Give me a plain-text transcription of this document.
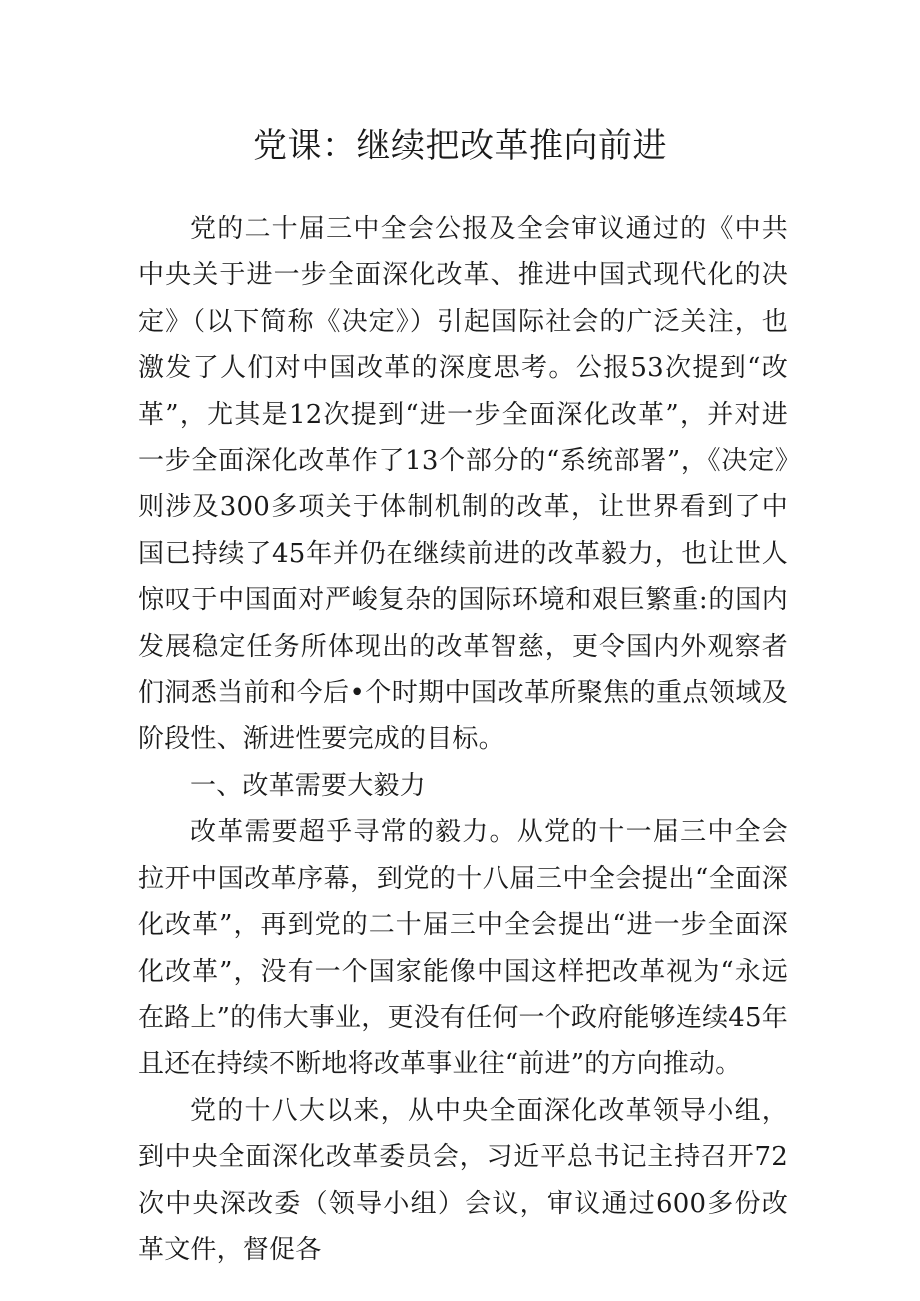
党课：继续把改革推向前进

党的二十届三中全会公报及全会审议通过的《中共中央关于进一步全面深化改革、推进中国式现代化的决定》（以下简称《决定》）引起国际社会的广泛关注，也激发了人们对中国改革的深度思考。公报53次提到“改革”，尤其是12次提到“进一步全面深化改革”，并对进一步全面深化改革作了13个部分的“系统部署”，《决定》则涉及300多项关于体制机制的改革，让世界看到了中国已持续了45年并仍在继续前进的改革毅力，也让世人惊叹于中国面对严峻复杂的国际环境和艰巨繁重:的国内发展稳定任务所体现出的改革智慈，更令国内外观察者们洞悉当前和今后•个时期中国改革所聚焦的重点领域及阶段性、渐进性要完成的目标。

一、改革需要大毅力

改革需要超乎寻常的毅力。从党的十一届三中全会拉开中国改革序幕，到党的十八届三中全会提出“全面深化改革”，再到党的二十届三中全会提出“进一步全面深化改革”，没有一个国家能像中国这样把改革视为“永远在路上”的伟大事业，更没有任何一个政府能够连续45年且还在持续不断地将改革事业往“前进”的方向推动。

党的十八大以来，从中央全面深化改革领导小组，到中央全面深化改革委员会，习近平总书记主持召开72次中央深改委（领导小组）会议，审议通过600多份改革文件，督促各
